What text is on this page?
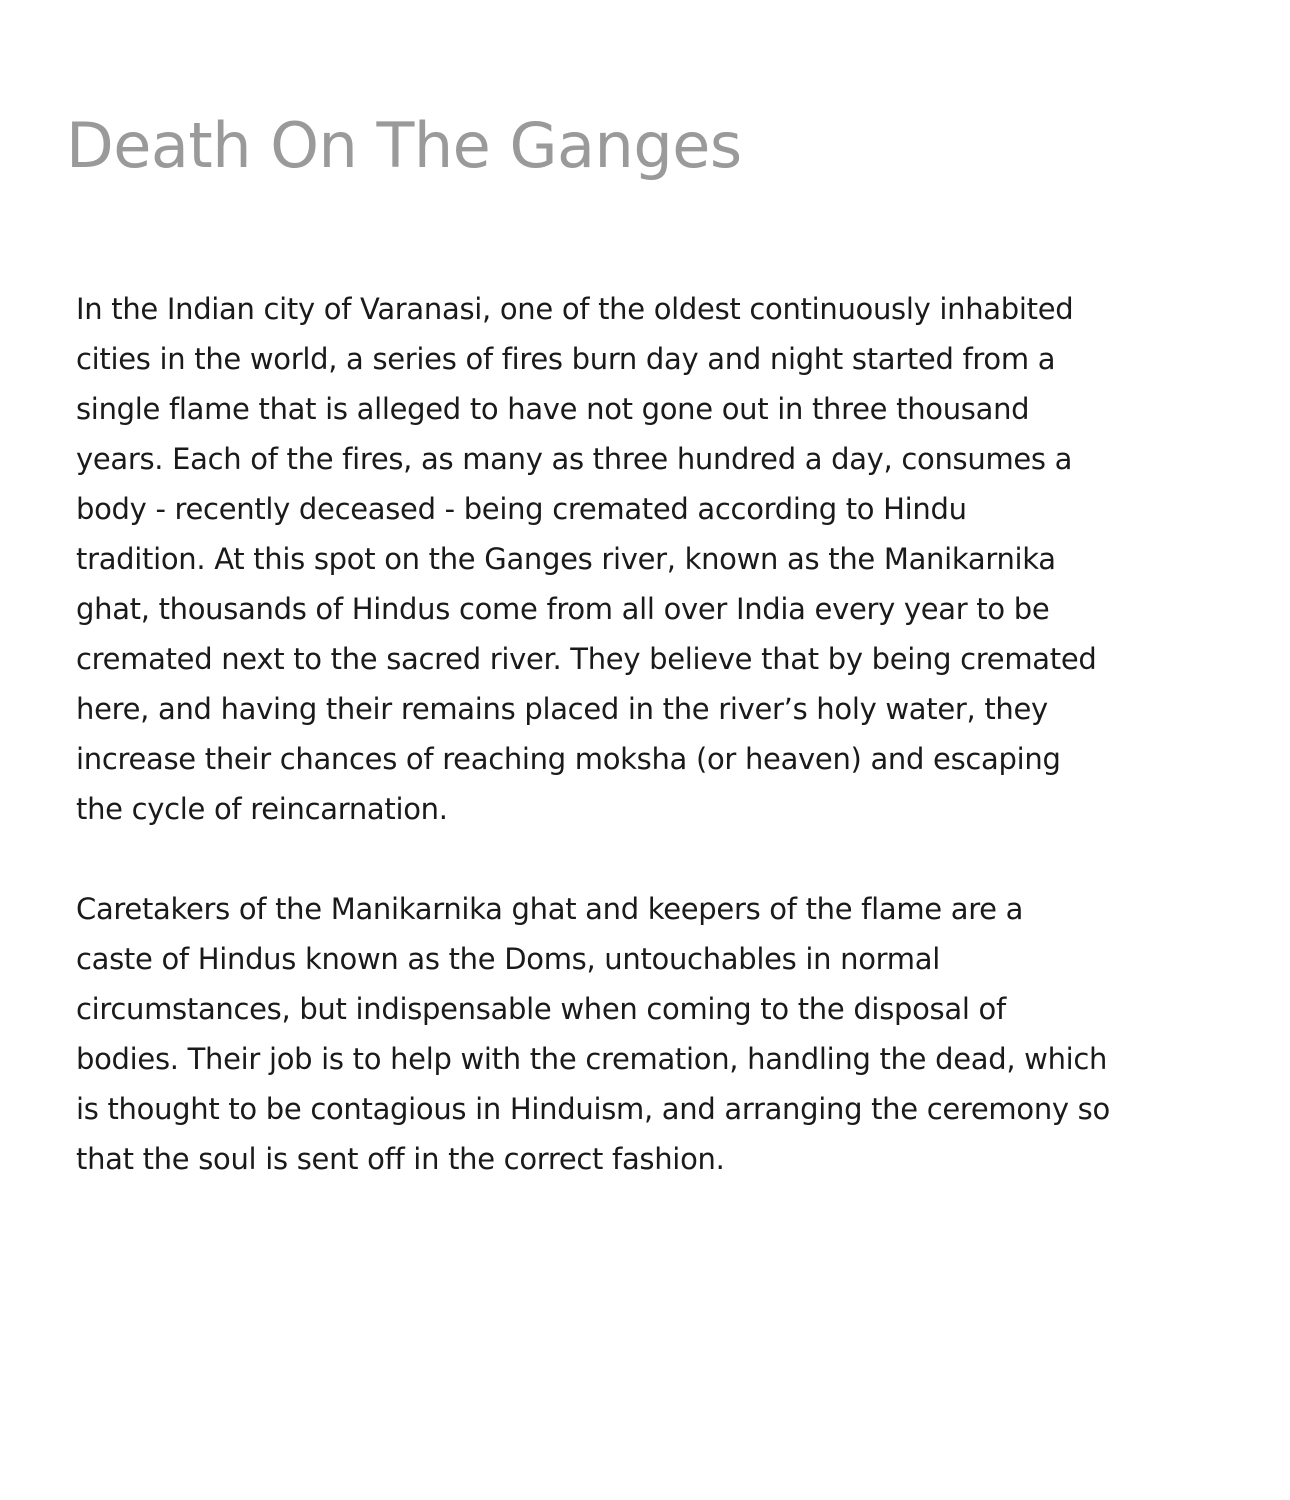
Death On The Ganges

In the Indian city of Varanasi, one of the oldest continuously inhabited
cities in the world, a series of fires burn day and night started from a
single flame that is alleged to have not gone out in three thousand
years. Each of the fires, as many as three hundred a day, consumes a
body - recently deceased - being cremated according to Hindu
tradition. At this spot on the Ganges river, known as the Manikarnika
ghat, thousands of Hindus come from all over India every year to be
cremated next to the sacred river. They believe that by being cremated
here, and having their remains placed in the river’s holy water, they
increase their chances of reaching moksha (or heaven) and escaping
the cycle of reincarnation.

Caretakers of the Manikarnika ghat and keepers of the flame are a
caste of Hindus known as the Doms, untouchables in normal
circumstances, but indispensable when coming to the disposal of
bodies. Their job is to help with the cremation, handling the dead, which
is thought to be contagious in Hinduism, and arranging the ceremony so
that the soul is sent off in the correct fashion.
